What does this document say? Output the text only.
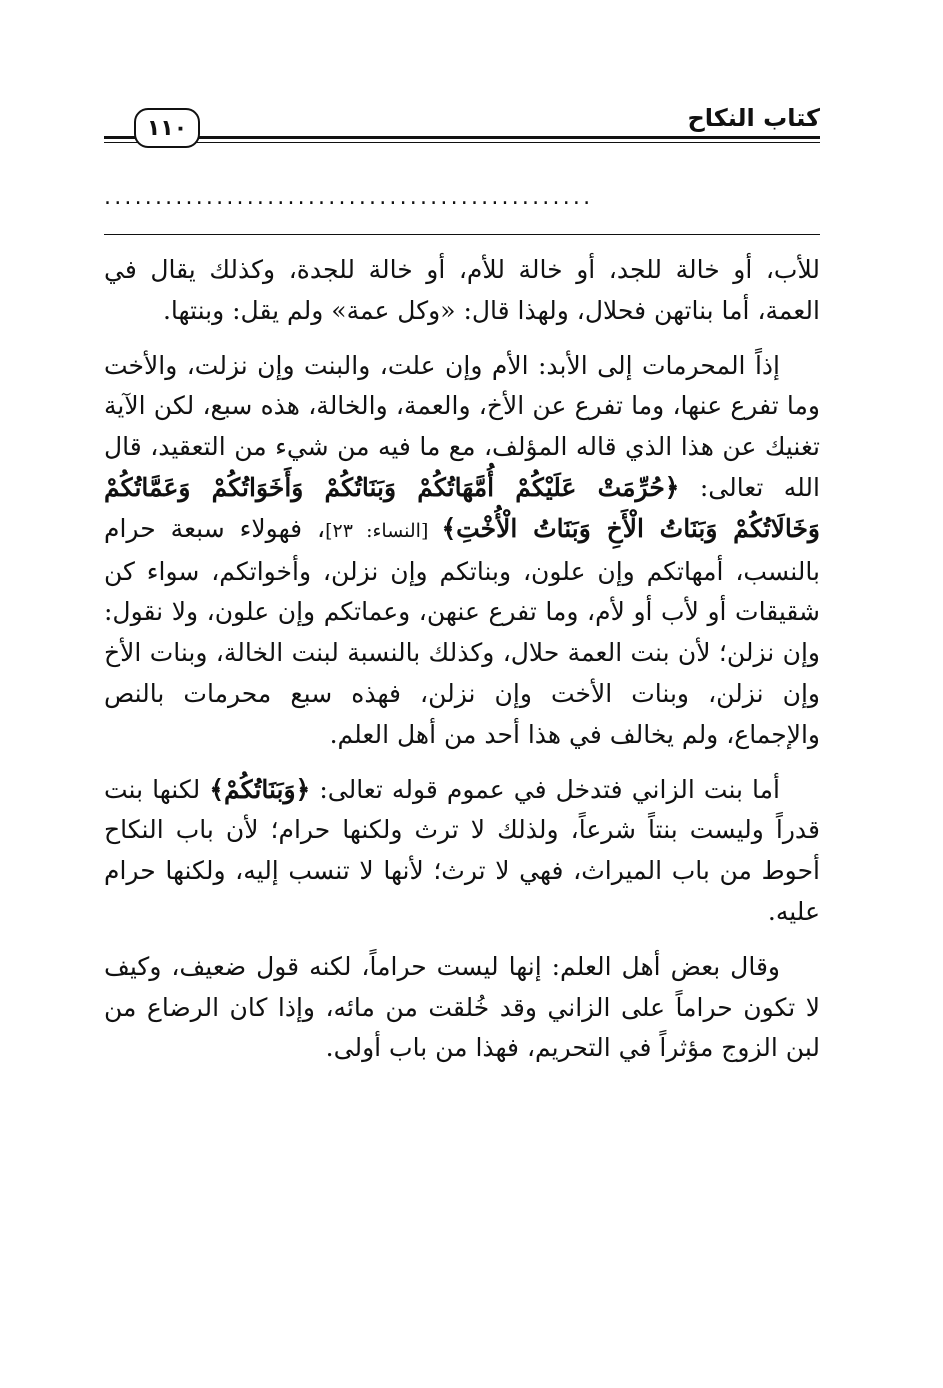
١١٠	كتاب النكاح
................................................

للأب، أو خالة للجد، أو خالة للأم، أو خالة للجدة، وكذلك يقال في العمة، أما بناتهن فحلال، ولهذا قال: «وكل عمة» ولم يقل: وبنتها.

إذاً المحرمات إلى الأبد: الأم وإن علت، والبنت وإن نزلت، والأخت وما تفرع عنها، وما تفرع عن الأخ، والعمة، والخالة، هذه سبع، لكن الآية تغنيك عن هذا الذي قاله المؤلف، مع ما فيه من شيء من التعقيد، قال الله تعالى: ﴿حُرِّمَتْ عَلَيْكُمْ أُمَّهَاتُكُمْ وَبَنَاتُكُمْ وَأَخَوَاتُكُمْ وَعَمَّاتُكُمْ وَخَالَاتُكُمْ وَبَنَاتُ الْأَخِ وَبَنَاتُ الْأُخْتِ﴾ [النساء: ٢٣]، فهولاء سبعة حرام بالنسب، أمهاتكم وإن علون، وبناتكم وإن نزلن، وأخواتكم، سواء كن شقيقات أو لأب أو لأم، وما تفرع عنهن، وعماتكم وإن علون، ولا نقول: وإن نزلن؛ لأن بنت العمة حلال، وكذلك بالنسبة لبنت الخالة، وبنات الأخ وإن نزلن، وبنات الأخت وإن نزلن، فهذه سبع محرمات بالنص والإجماع، ولم يخالف في هذا أحد من أهل العلم.

أما بنت الزاني فتدخل في عموم قوله تعالى: ﴿وَبَنَاتُكُمْ﴾ لكنها بنت قدراً وليست بنتاً شرعاً، ولذلك لا ترث ولكنها حرام؛ لأن باب النكاح أحوط من باب الميراث، فهي لا ترث؛ لأنها لا تنسب إليه، ولكنها حرام عليه.

وقال بعض أهل العلم: إنها ليست حراماً، لكنه قول ضعيف، وكيف لا تكون حراماً على الزاني وقد خُلقت من مائه، وإذا كان الرضاع من لبن الزوج مؤثراً في التحريم، فهذا من باب أولى.
